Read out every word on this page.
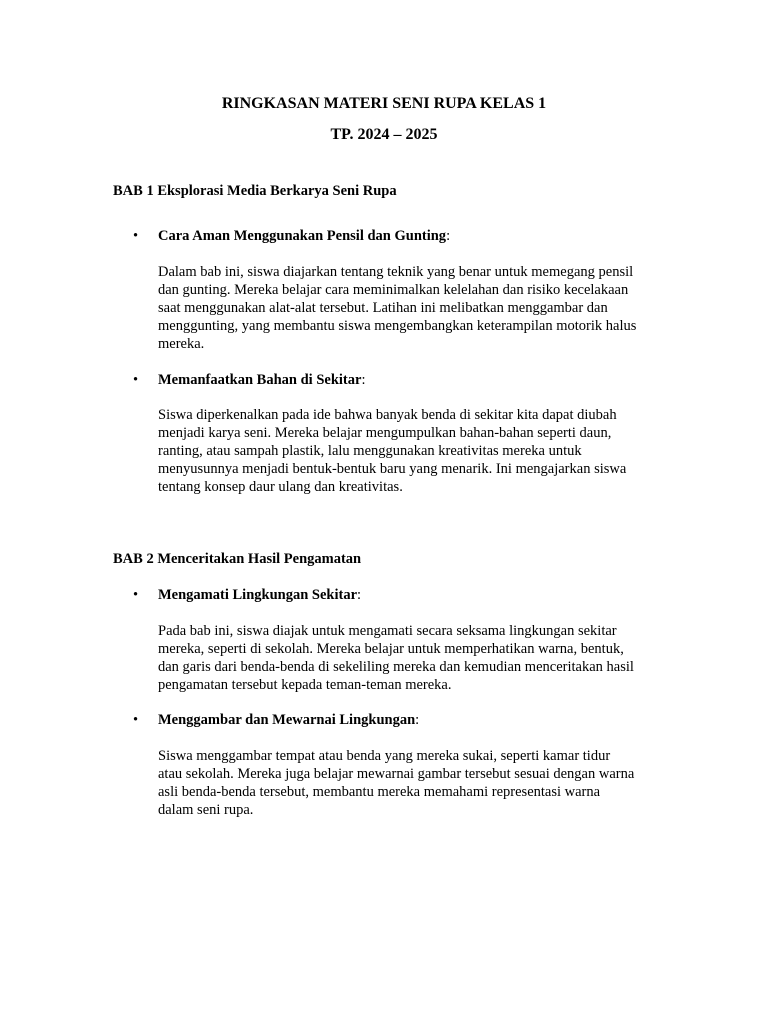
RINGKASAN MATERI SENI RUPA KELAS 1
TP. 2024 – 2025

BAB 1 Eksplorasi Media Berkarya Seni Rupa

• Cara Aman Menggunakan Pensil dan Gunting:

Dalam bab ini, siswa diajarkan tentang teknik yang benar untuk memegang pensil
dan gunting. Mereka belajar cara meminimalkan kelelahan dan risiko kecelakaan
saat menggunakan alat-alat tersebut. Latihan ini melibatkan menggambar dan
menggunting, yang membantu siswa mengembangkan keterampilan motorik halus
mereka.

• Memanfaatkan Bahan di Sekitar:

Siswa diperkenalkan pada ide bahwa banyak benda di sekitar kita dapat diubah
menjadi karya seni. Mereka belajar mengumpulkan bahan-bahan seperti daun,
ranting, atau sampah plastik, lalu menggunakan kreativitas mereka untuk
menyusunnya menjadi bentuk-bentuk baru yang menarik. Ini mengajarkan siswa
tentang konsep daur ulang dan kreativitas.

BAB 2 Menceritakan Hasil Pengamatan

• Mengamati Lingkungan Sekitar:

Pada bab ini, siswa diajak untuk mengamati secara seksama lingkungan sekitar
mereka, seperti di sekolah. Mereka belajar untuk memperhatikan warna, bentuk,
dan garis dari benda-benda di sekeliling mereka dan kemudian menceritakan hasil
pengamatan tersebut kepada teman-teman mereka.

• Menggambar dan Mewarnai Lingkungan:

Siswa menggambar tempat atau benda yang mereka sukai, seperti kamar tidur
atau sekolah. Mereka juga belajar mewarnai gambar tersebut sesuai dengan warna
asli benda-benda tersebut, membantu mereka memahami representasi warna
dalam seni rupa.
